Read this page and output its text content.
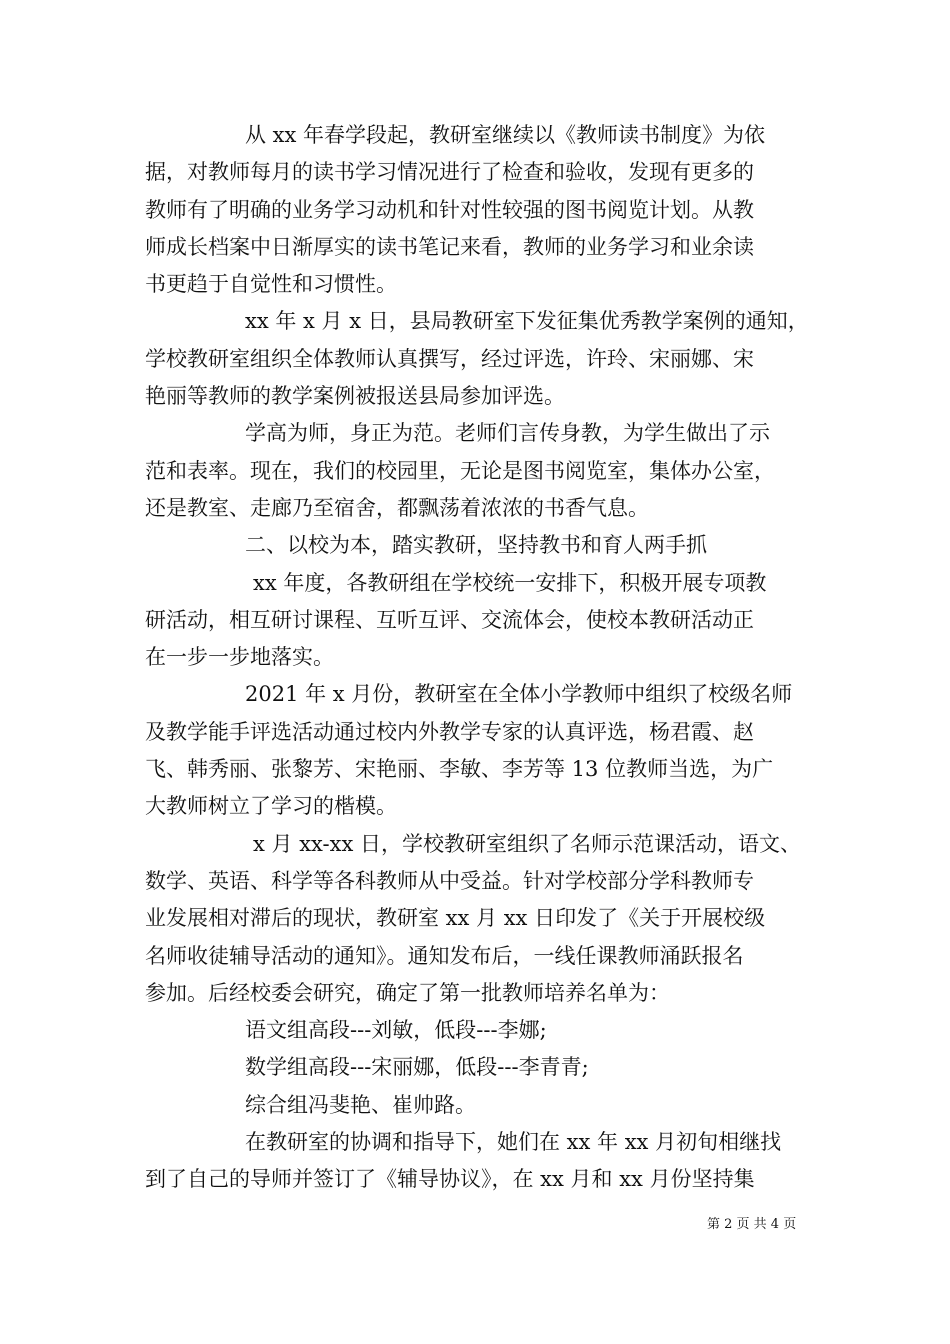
从 xx 年春学段起，教研室继续以《教师读书制度》为依
据，对教师每月的读书学习情况进行了检查和验收，发现有更多的
教师有了明确的业务学习动机和针对性较强的图书阅览计划。从教
师成长档案中日渐厚实的读书笔记来看，教师的业务学习和业余读
书更趋于自觉性和习惯性。
xx 年 x 月 x 日，县局教研室下发征集优秀教学案例的通知，
学校教研室组织全体教师认真撰写，经过评选，许玲、宋丽娜、宋
艳丽等教师的教学案例被报送县局参加评选。
学高为师，身正为范。老师们言传身教，为学生做出了示
范和表率。现在，我们的校园里，无论是图书阅览室，集体办公室，
还是教室、走廊乃至宿舍，都飘荡着浓浓的书香气息。
二、以校为本，踏实教研，坚持教书和育人两手抓
xx 年度，各教研组在学校统一安排下，积极开展专项教
研活动，相互研讨课程、互听互评、交流体会，使校本教研活动正
在一步一步地落实。
2021 年 x 月份，教研室在全体小学教师中组织了校级名师
及教学能手评选活动通过校内外教学专家的认真评选，杨君霞、赵
飞、韩秀丽、张黎芳、宋艳丽、李敏、李芳等 13 位教师当选，为广
大教师树立了学习的楷模。
x 月 xx-xx 日，学校教研室组织了名师示范课活动，语文、
数学、英语、科学等各科教师从中受益。针对学校部分学科教师专
业发展相对滞后的现状，教研室 xx 月 xx 日印发了《关于开展校级
名师收徒辅导活动的通知》。通知发布后，一线任课教师涌跃报名
参加。后经校委会研究，确定了第一批教师培养名单为：
语文组高段---刘敏，低段---李娜;
数学组高段---宋丽娜，低段---李青青;
综合组冯斐艳、崔帅路。
在教研室的协调和指导下，她们在 xx 年 xx 月初旬相继找
到了自己的导师并签订了《辅导协议》，在 xx 月和 xx 月份坚持集
第 2 页 共 4 页
